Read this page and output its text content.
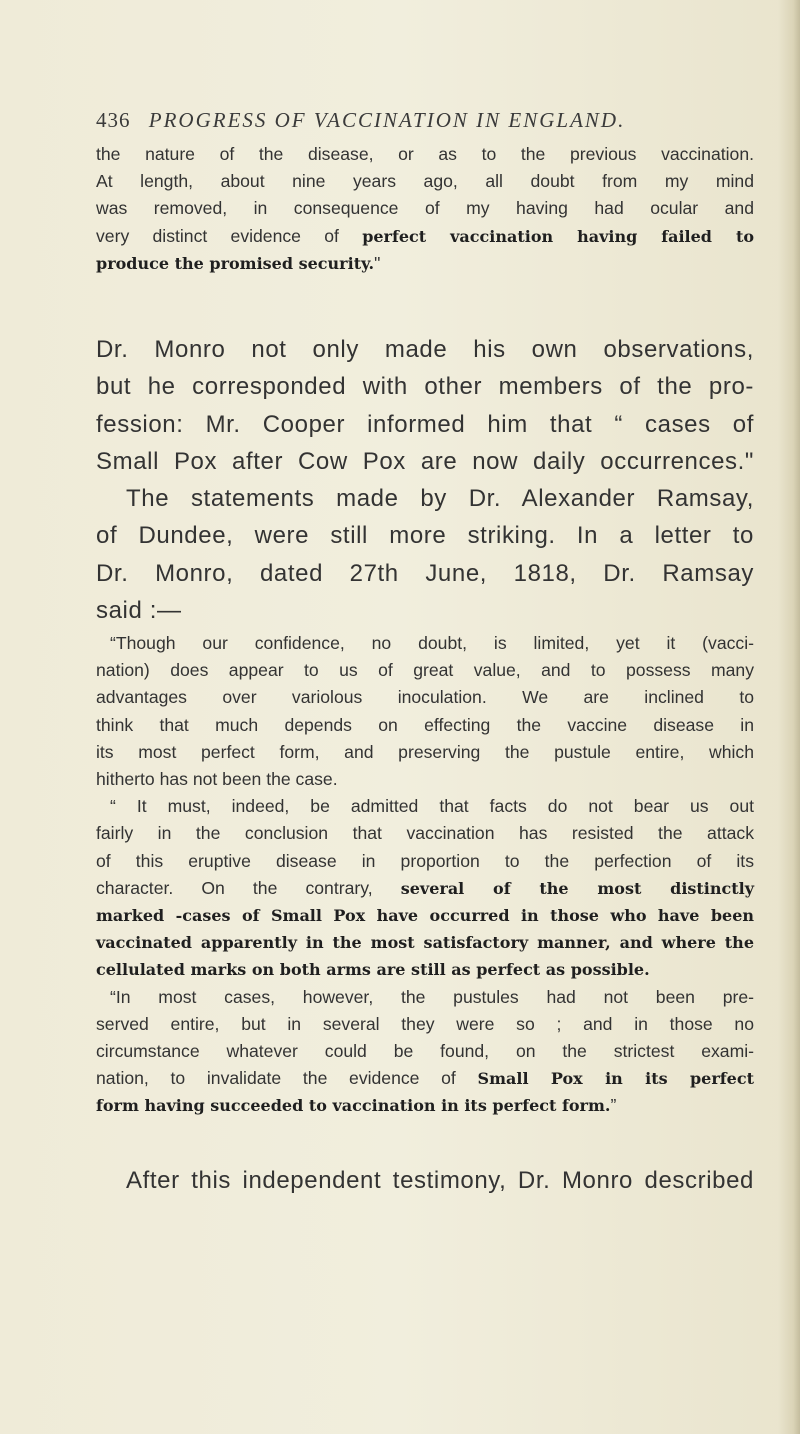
436 PROGRESS OF VACCINATION IN ENGLAND.
the nature of the disease, or as to the previous vaccination.
At length, about nine years ago, all doubt from my mind
was removed, in consequence of my having had ocular and
very distinct evidence of perfect vaccination having failed to
produce the promised security."
Dr. Monro not only made his own observations,
but he corresponded with other members of the pro-
fession: Mr. Cooper informed him that “ cases of
Small Pox after Cow Pox are now daily occurrences."
The statements made by Dr. Alexander Ramsay,
of Dundee, were still more striking. In a letter to
Dr. Monro, dated 27th June, 1818, Dr. Ramsay
said :—
“Though our confidence, no doubt, is limited, yet it (vacci-
nation) does appear to us of great value, and to possess many
advantages over variolous inoculation. We are inclined to
think that much depends on effecting the vaccine disease in
its most perfect form, and preserving the pustule entire, which
hitherto has not been the case.
“ It must, indeed, be admitted that facts do not bear us out
fairly in the conclusion that vaccination has resisted the attack
of this eruptive disease in proportion to the perfection of its
character. On the contrary, several of the most distinctly
marked -cases of Small Pox have occurred in those who have been
vaccinated apparently in the most satisfactory manner, and where the
cellulated marks on both arms are still as perfect as possible.
“In most cases, however, the pustules had not been pre-
served entire, but in several they were so ; and in those no
circumstance whatever could be found, on the strictest exami-
nation, to invalidate the evidence of Small Pox in its perfect
form having succeeded to vaccination in its perfect form.”
After this independent testimony, Dr. Monro described
